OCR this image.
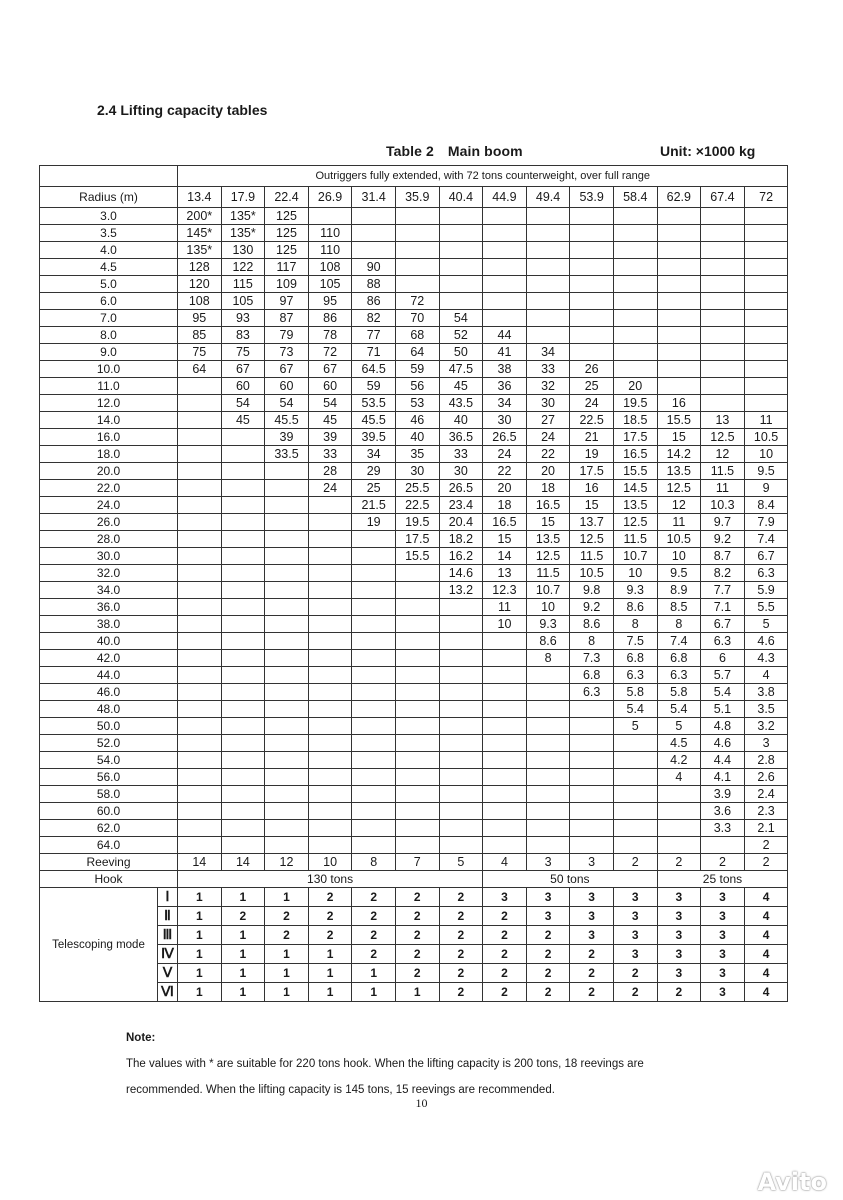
2.4 Lifting capacity tables
Table 2 Main boom	Unit: ×1000 kg
		Outriggers fully extended, with 72 tons counterweight, over full range													
Radius (m)		13.4	17.9	22.4	26.9	31.4	35.9	40.4	44.9	49.4	53.9	58.4	62.9	67.4	72
3.0		200*	135*	125											
3.5		145*	135*	125	110										
4.0		135*	130	125	110										
4.5		128	122	117	108	90									
5.0		120	115	109	105	88									
6.0		108	105	97	95	86	72								
7.0		95	93	87	86	82	70	54							
8.0		85	83	79	78	77	68	52	44						
9.0		75	75	73	72	71	64	50	41	34					
10.0		64	67	67	67	64.5	59	47.5	38	33	26				
11.0			60	60	60	59	56	45	36	32	25	20			
12.0			54	54	54	53.5	53	43.5	34	30	24	19.5	16		
14.0			45	45.5	45	45.5	46	40	30	27	22.5	18.5	15.5	13	11
16.0				39	39	39.5	40	36.5	26.5	24	21	17.5	15	12.5	10.5
18.0				33.5	33	34	35	33	24	22	19	16.5	14.2	12	10
20.0					28	29	30	30	22	20	17.5	15.5	13.5	11.5	9.5
22.0					24	25	25.5	26.5	20	18	16	14.5	12.5	11	9
24.0						21.5	22.5	23.4	18	16.5	15	13.5	12	10.3	8.4
26.0						19	19.5	20.4	16.5	15	13.7	12.5	11	9.7	7.9
28.0							17.5	18.2	15	13.5	12.5	11.5	10.5	9.2	7.4
30.0							15.5	16.2	14	12.5	11.5	10.7	10	8.7	6.7
32.0								14.6	13	11.5	10.5	10	9.5	8.2	6.3
34.0								13.2	12.3	10.7	9.8	9.3	8.9	7.7	5.9
36.0									11	10	9.2	8.6	8.5	7.1	5.5
38.0									10	9.3	8.6	8	8	6.7	5
40.0										8.6	8	7.5	7.4	6.3	4.6
42.0										8	7.3	6.8	6.8	6	4.3
44.0											6.8	6.3	6.3	5.7	4
46.0											6.3	5.8	5.8	5.4	3.8
48.0												5.4	5.4	5.1	3.5
50.0												5	5	4.8	3.2
52.0													4.5	4.6	3
54.0													4.2	4.4	2.8
56.0													4	4.1	2.6
58.0														3.9	2.4
60.0														3.6	2.3
62.0														3.3	2.1
64.0															2
Reeving		14	14	12	10	8	7	5	4	3	3	2	2	2	2
Hook		130 tons							50 tons				25 tons		
Telescoping mode	Ⅰ	1	1	1	2	2	2	2	3	3	3	3	3	3	4
	Ⅱ	1	2	2	2	2	2	2	2	3	3	3	3	3	4
	Ⅲ	1	1	2	2	2	2	2	2	2	3	3	3	3	4
	Ⅳ	1	1	1	1	2	2	2	2	2	2	3	3	3	4
	Ⅴ	1	1	1	1	1	2	2	2	2	2	2	3	3	4
	Ⅵ	1	1	1	1	1	1	2	2	2	2	2	2	3	4
Note:
The values with * are suitable for 220 tons hook. When the lifting capacity is 200 tons, 18 reevings are
recommended. When the lifting capacity is 145 tons, 15 reevings are recommended.
10
Avito
